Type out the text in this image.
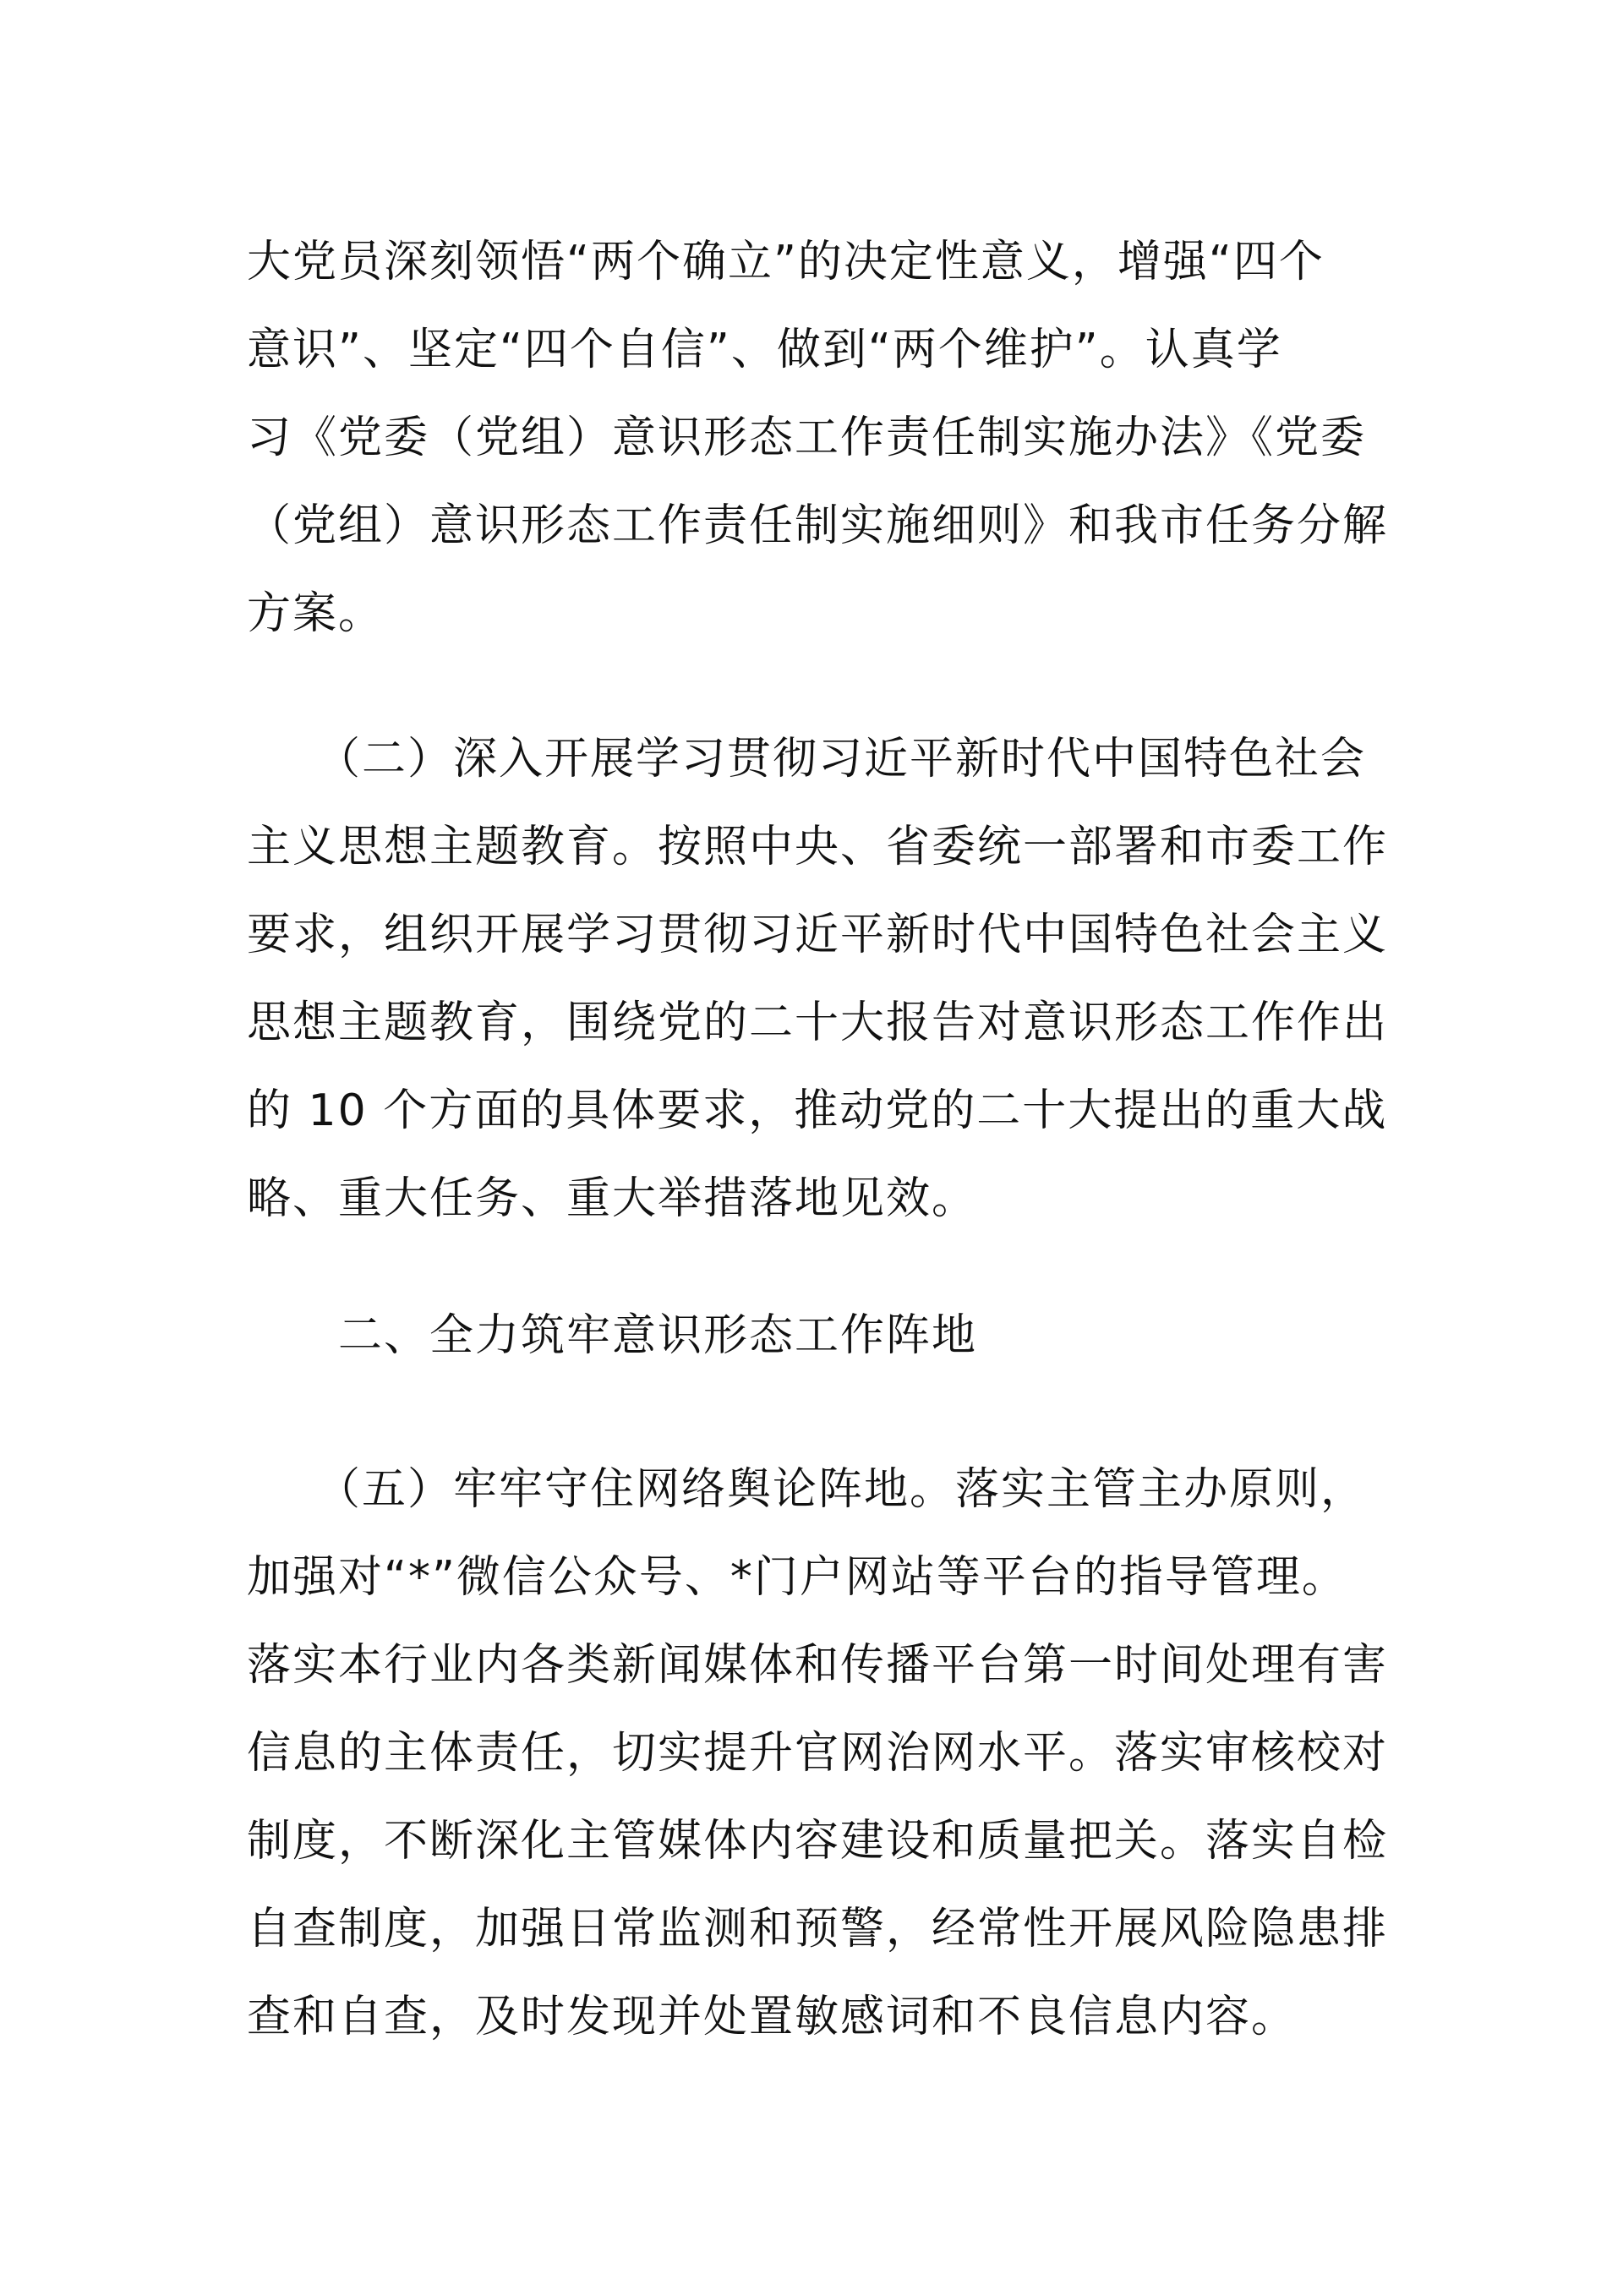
大党员深刻领悟“两个确立”的决定性意义，增强“四个
意识”、坚定“四个自信”、做到“两个维护”。认真学
习《党委（党组）意识形态工作责任制实施办法》《党委
（党组）意识形态工作责任制实施细则》和我市任务分解
方案。
　　（二）深入开展学习贯彻习近平新时代中国特色社会
主义思想主题教育。按照中央、省委统一部署和市委工作
要求，组织开展学习贯彻习近平新时代中国特色社会主义
思想主题教育，围绕党的二十大报告对意识形态工作作出
的 10 个方面的具体要求，推动党的二十大提出的重大战
略、重大任务、重大举措落地见效。
　　二、全力筑牢意识形态工作阵地
　　（五）牢牢守住网络舆论阵地。落实主管主办原则，
加强对“*”微信公众号、*门户网站等平台的指导管理。
落实本行业内各类新闻媒体和传播平台第一时间处理有害
信息的主体责任，切实提升官网治网水平。落实审核校对
制度，不断深化主管媒体内容建设和质量把关。落实自检
自查制度，加强日常监测和预警，经常性开展风险隐患排
查和自查，及时发现并处置敏感词和不良信息内容。
